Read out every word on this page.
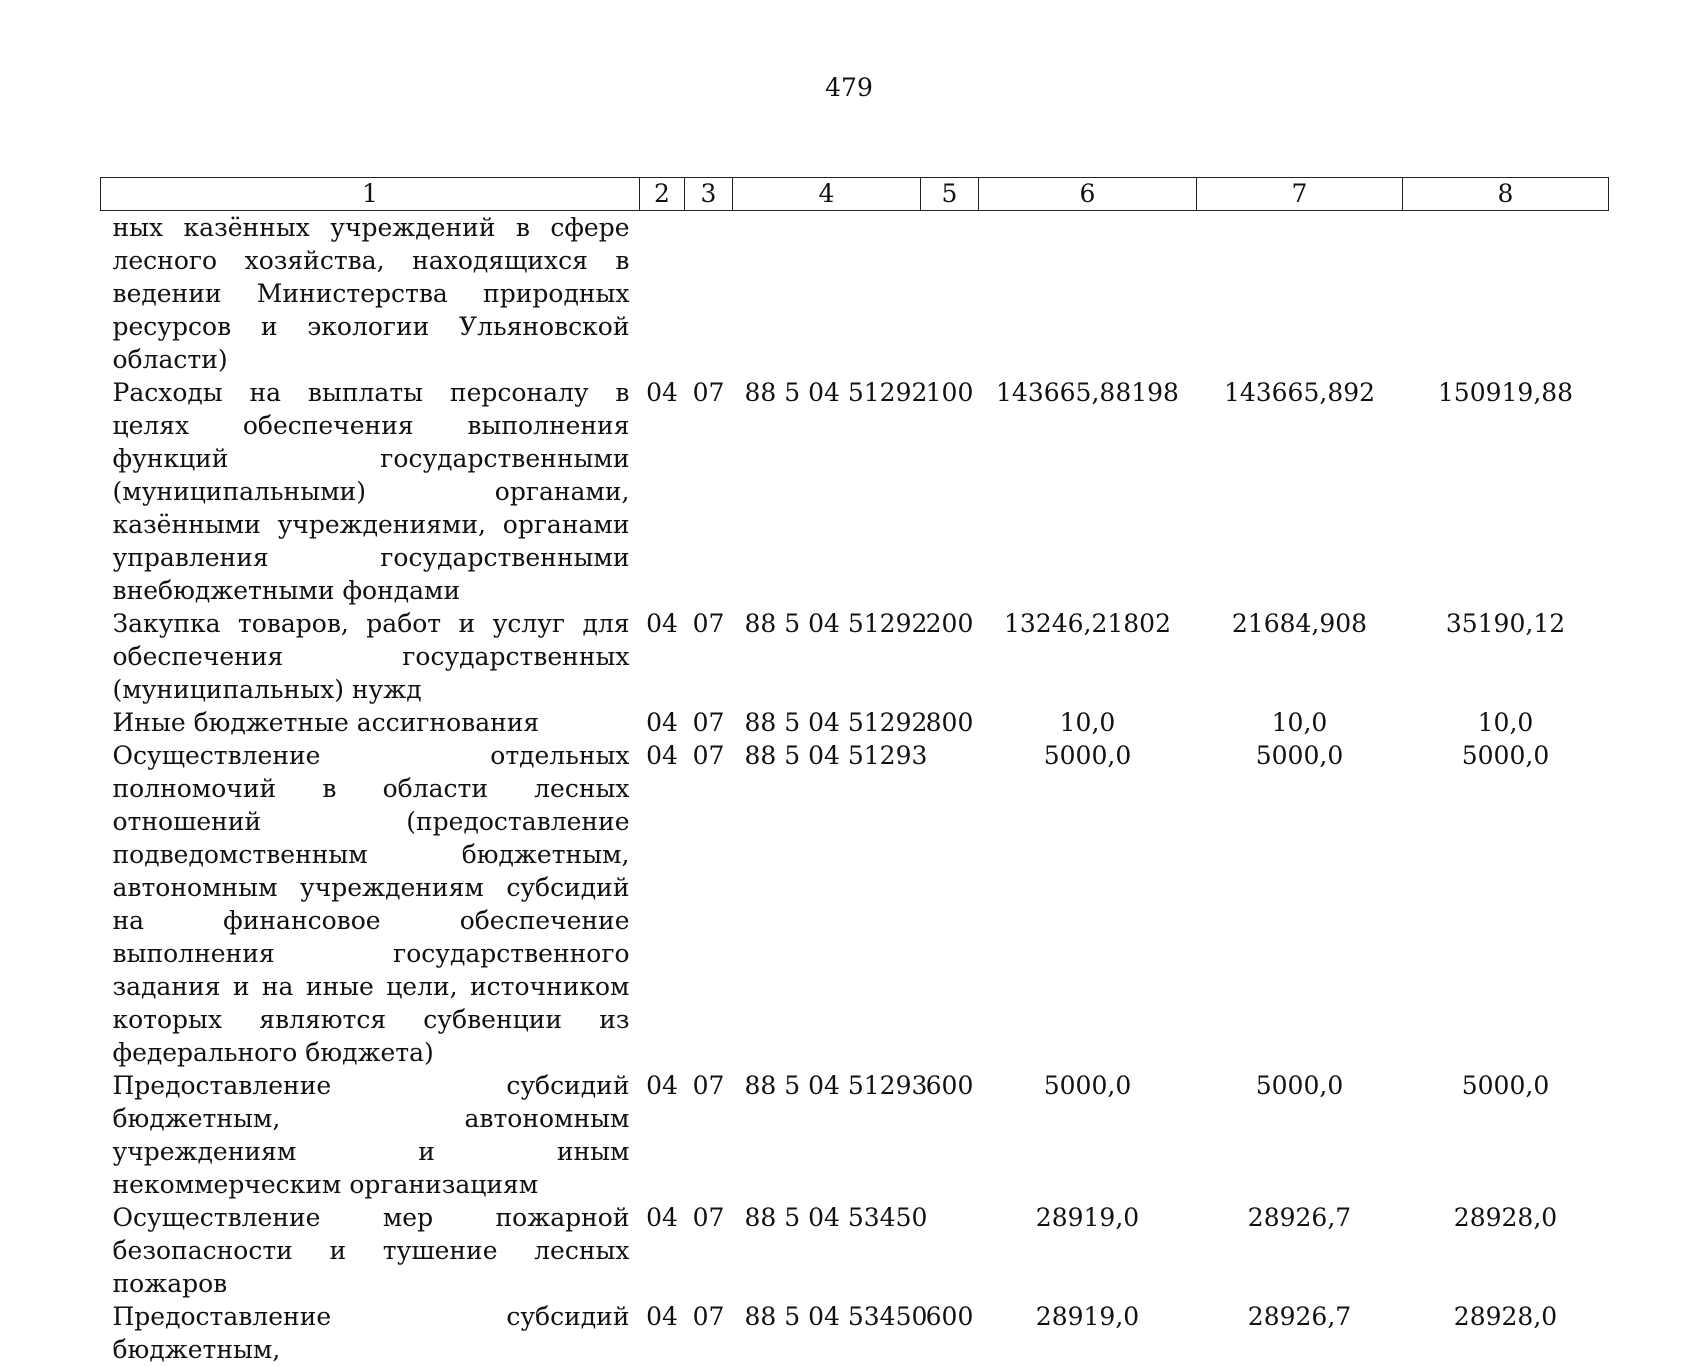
479
1	2	3	4	5	6	7	8
ных казённых учреждений в сфере лесного хозяйства, находящихся в ведении Министерства природных ресурсов и экологии Ульяновской области)							
Расходы на выплаты персоналу в целях обеспечения выполнения функций государственными (муниципальными) органами, казёнными учреждениями, органами управления государственными внебюджетными фондами	04	07	88 5 04 51292	100	143665,88198	143665,892	150919,88
Закупка товаров, работ и услуг для обеспечения государственных (муниципальных) нужд	04	07	88 5 04 51292	200	13246,21802	21684,908	35190,12
Иные бюджетные ассигнования	04	07	88 5 04 51292	800	10,0	10,0	10,0
Осуществление отдельных полномочий в области лесных отношений (предоставление подведомственным бюджетным, автономным учреждениям субсидий на финансовое обеспечение выполнения государственного задания и на иные цели, источником которых являются субвенции из федерального бюджета)	04	07	88 5 04 51293		5000,0	5000,0	5000,0
Предоставление субсидий бюджетным, автономным учреждениям и иным некоммерческим организациям	04	07	88 5 04 51293	600	5000,0	5000,0	5000,0
Осуществление мер пожарной безопасности и тушение лесных пожаров	04	07	88 5 04 53450		28919,0	28926,7	28928,0
Предоставление субсидий бюджетным,	04	07	88 5 04 53450	600	28919,0	28926,7	28928,0
